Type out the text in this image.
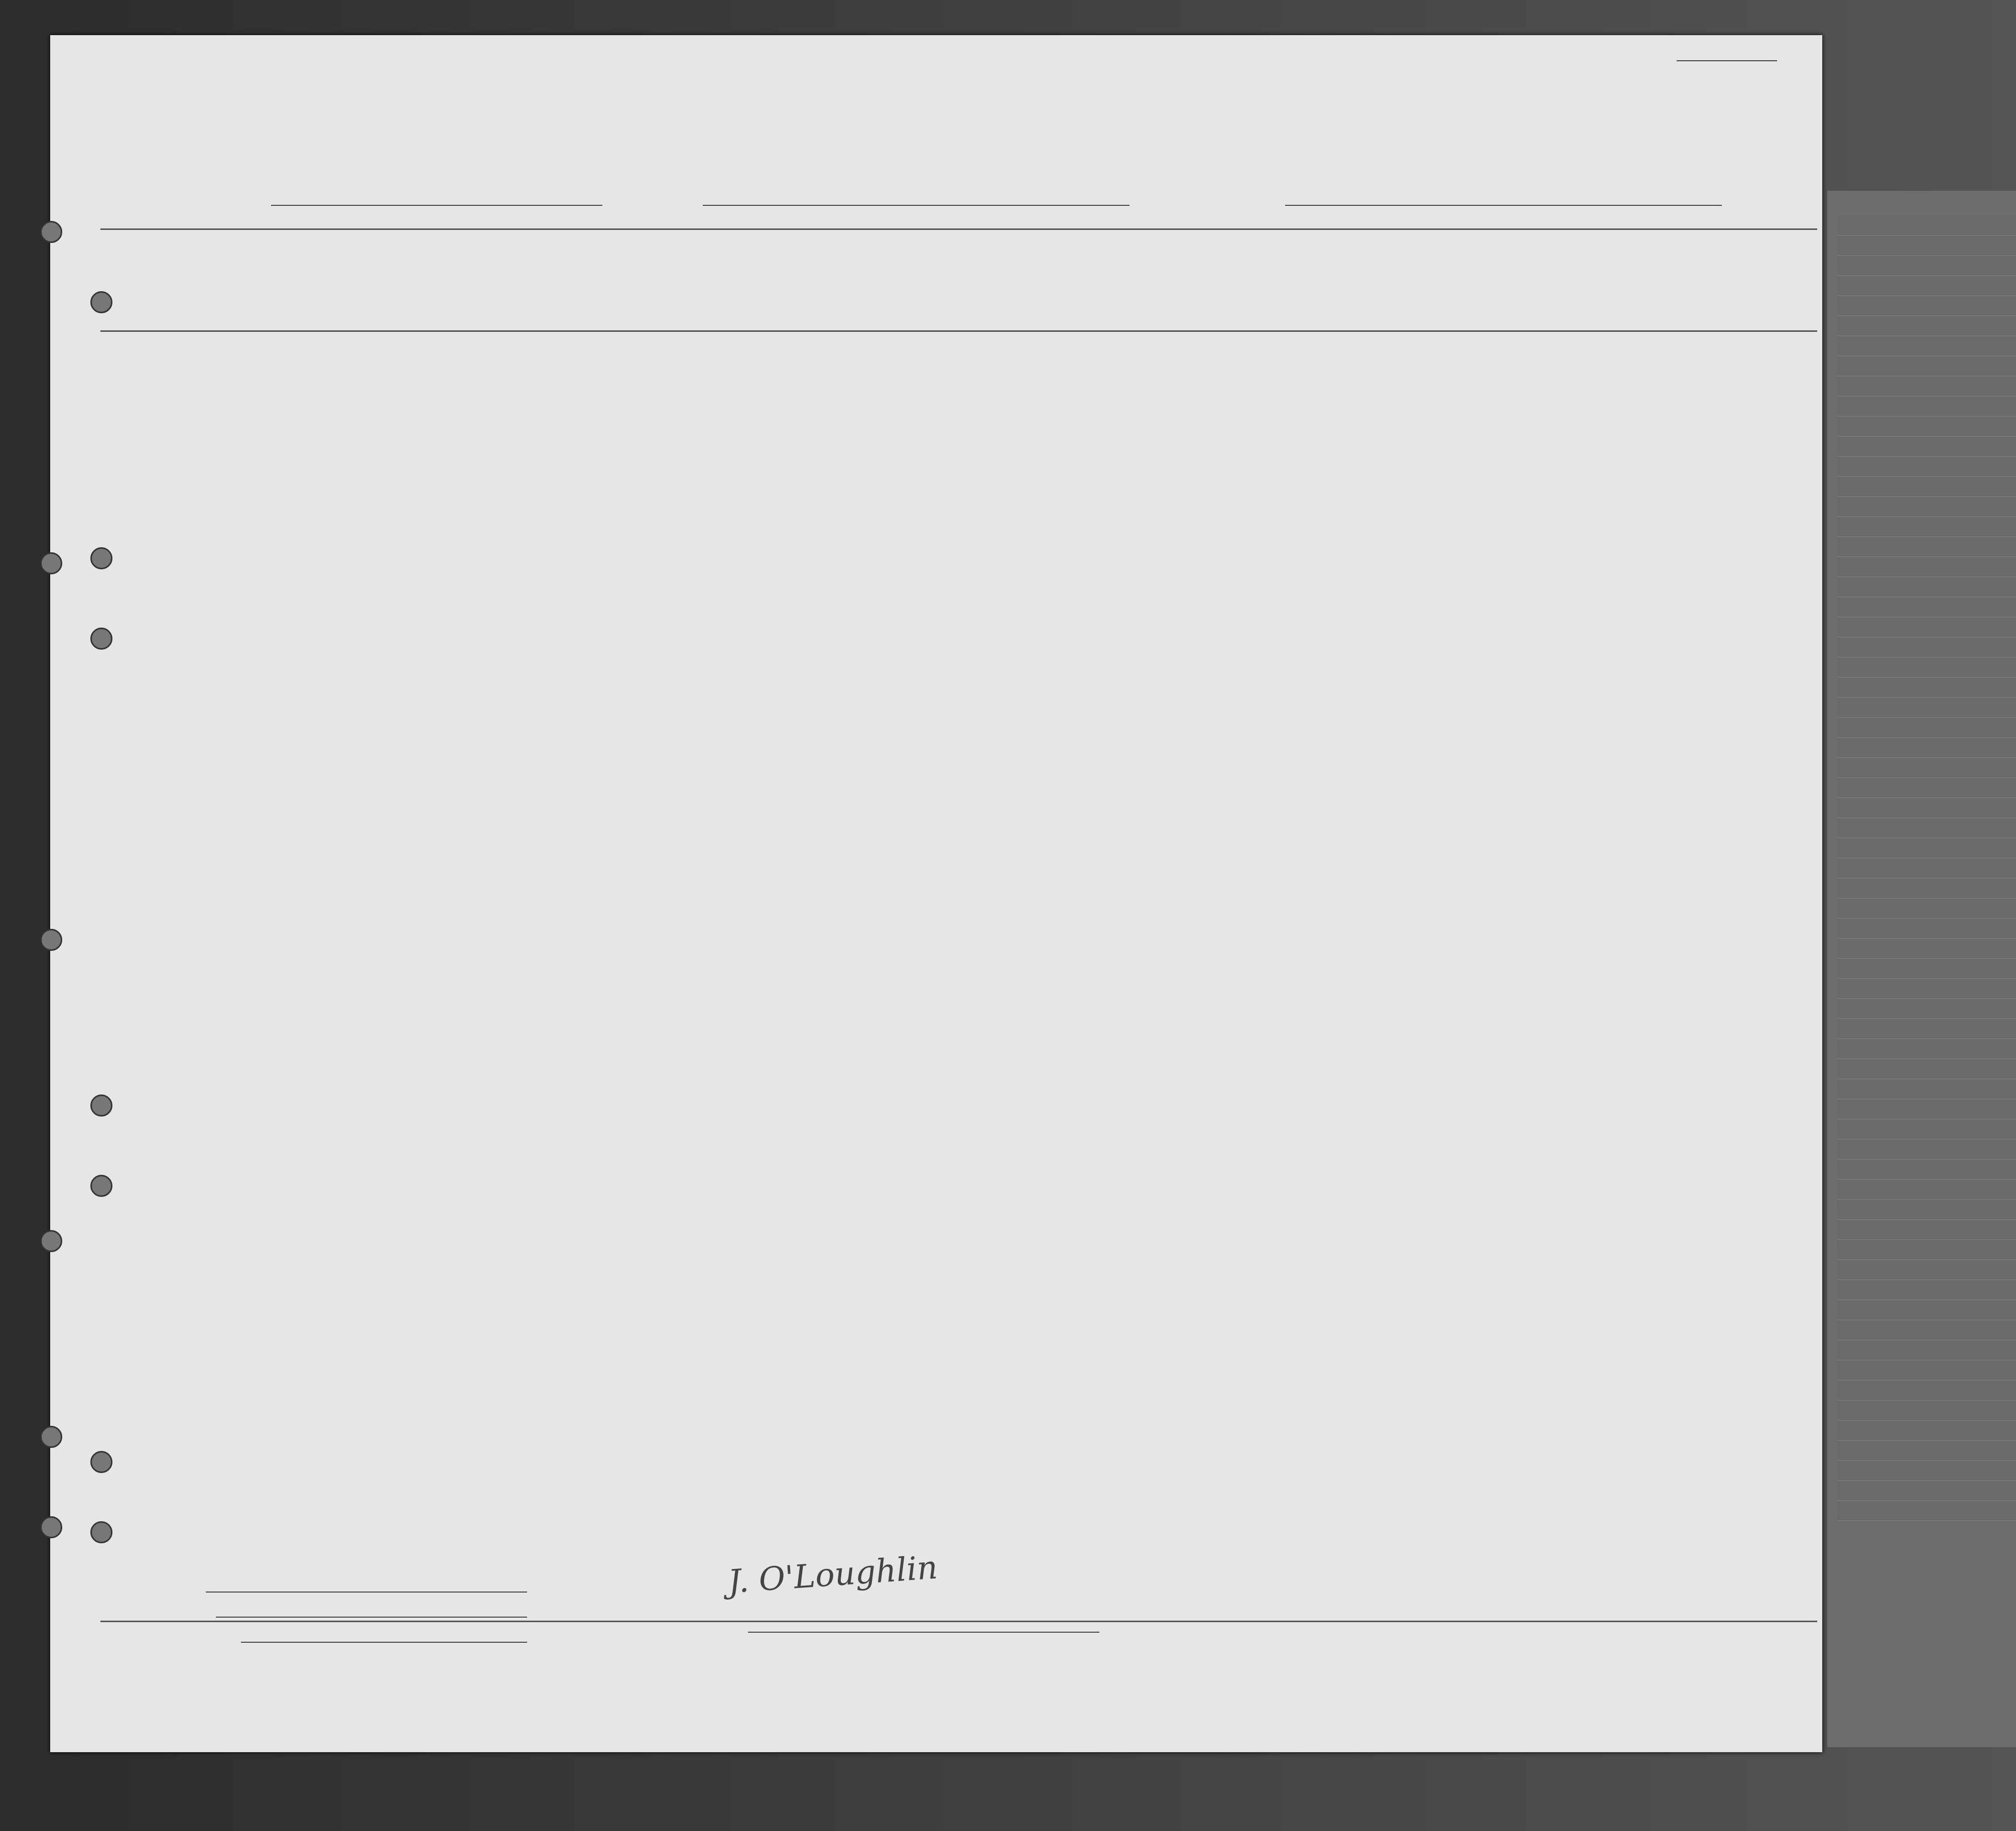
J. O'Loughlin
